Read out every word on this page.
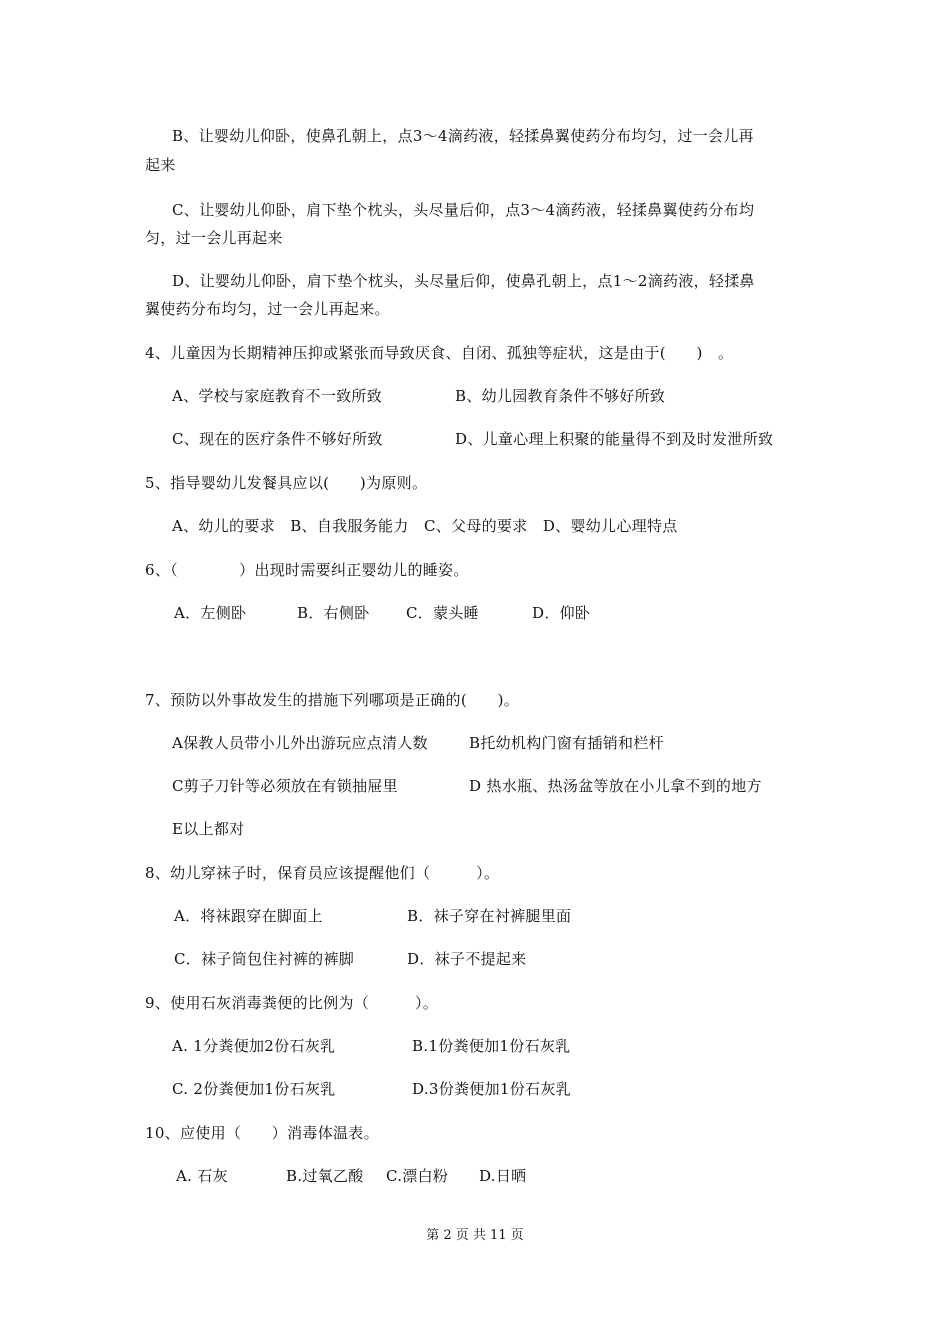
B、让婴幼儿仰卧，使鼻孔朝上，点3～4滴药液，轻揉鼻翼使药分布均匀，过一会儿再
起来
C、让婴幼儿仰卧，肩下垫个枕头，头尽量后仰，点3～4滴药液，轻揉鼻翼使药分布均
匀，过一会儿再起来
D、让婴幼儿仰卧，肩下垫个枕头，头尽量后仰，使鼻孔朝上，点1～2滴药液，轻揉鼻
翼使药分布均匀，过一会儿再起来。
4、儿童因为长期精神压抑或紧张而导致厌食、自闭、孤独等症状，这是由于(　　)　。
A、学校与家庭教育不一致所致	B、幼儿园教育条件不够好所致
C、现在的医疗条件不够好所致	D、儿童心理上积聚的能量得不到及时发泄所致
5、指导婴幼儿发餐具应以(　　)为原则。
A、幼儿的要求　B、自我服务能力　C、父母的要求　D、婴幼儿心理特点
6、（　　　　）出现时需要纠正婴幼儿的睡姿。
A．左侧卧	B．右侧卧 C．蒙头睡	D．仰卧
7、预防以外事故发生的措施下列哪项是正确的(　　)。
A保教人员带小儿外出游玩应点清人数	B托幼机构门窗有插销和栏杆
C剪子刀针等必须放在有锁抽屉里	D 热水瓶、热汤盆等放在小儿拿不到的地方
E以上都对
8、幼儿穿袜子时，保育员应该提醒他们（　　　）。
A．将袜跟穿在脚面上	B．袜子穿在衬裤腿里面
C．袜子筒包住衬裤的裤脚	D．袜子不提起来
9、使用石灰消毒粪便的比例为（　　　）。
A. 1分粪便加2份石灰乳	B.1份粪便加1份石灰乳
C. 2份粪便加1份石灰乳	D.3份粪便加1份石灰乳
10、应使用（　　）消毒体温表。
A. 石灰	B.过氧乙酸 C.漂白粉 D.日晒
第 2 页 共 11 页
